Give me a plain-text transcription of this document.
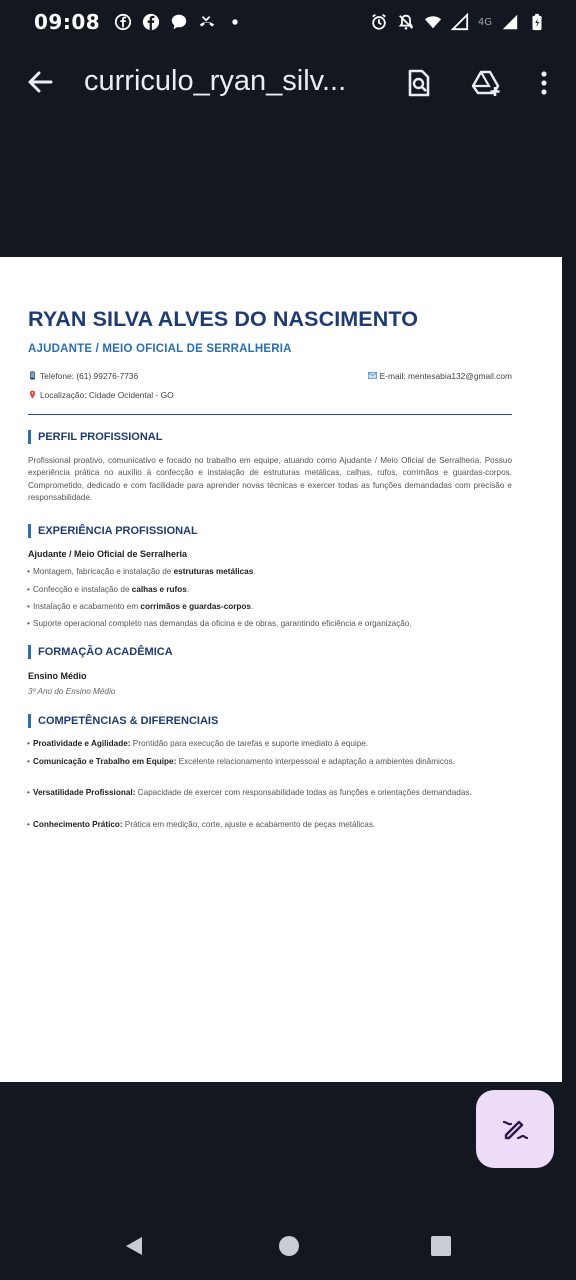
09:08	4G
curriculo_ryan_silv...
RYAN SILVA ALVES DO NASCIMENTO
AJUDANTE / MEIO OFICIAL DE SERRALHERIA
Telefone: (61) 99276-7736	E-mail: mentesabia132@gmail.com
Localização: Cidade Ocidental - GO
PERFIL PROFISSIONAL
Profissional proativo, comunicativo e focado no trabalho em equipe, atuando como Ajudante / Meio Oficial de Serralheria. Possuo experiência prática no auxílio à confecção e instalação de estruturas metálicas, calhas, rufos, corrimãos e guardas-corpos. Comprometido, dedicado e com facilidade para aprender novas técnicas e exercer todas as funções demandadas com precisão e responsabilidade.
EXPERIÊNCIA PROFISSIONAL
Ajudante / Meio Oficial de Serralheria
• Montagem, fabricação e instalação de estruturas metálicas.
• Confecção e instalação de calhas e rufos.
• Instalação e acabamento em corrimãos e guardas-corpos.
• Suporte operacional completo nas demandas da oficina e de obras, garantindo eficiência e organização.
FORMAÇÃO ACADÊMICA
Ensino Médio
3º Ano do Ensino Médio
COMPETÊNCIAS & DIFERENCIAIS
• Proatividade e Agilidade: Prontidão para execução de tarefas e suporte imediato à equipe.
• Comunicação e Trabalho em Equipe: Excelente relacionamento interpessoal e adaptação a ambientes dinâmicos.
• Versatilidade Profissional: Capacidade de exercer com responsabilidade todas as funções e orientações demandadas.
• Conhecimento Prático: Prática em medição, corte, ajuste e acabamento de peças metálicas.
